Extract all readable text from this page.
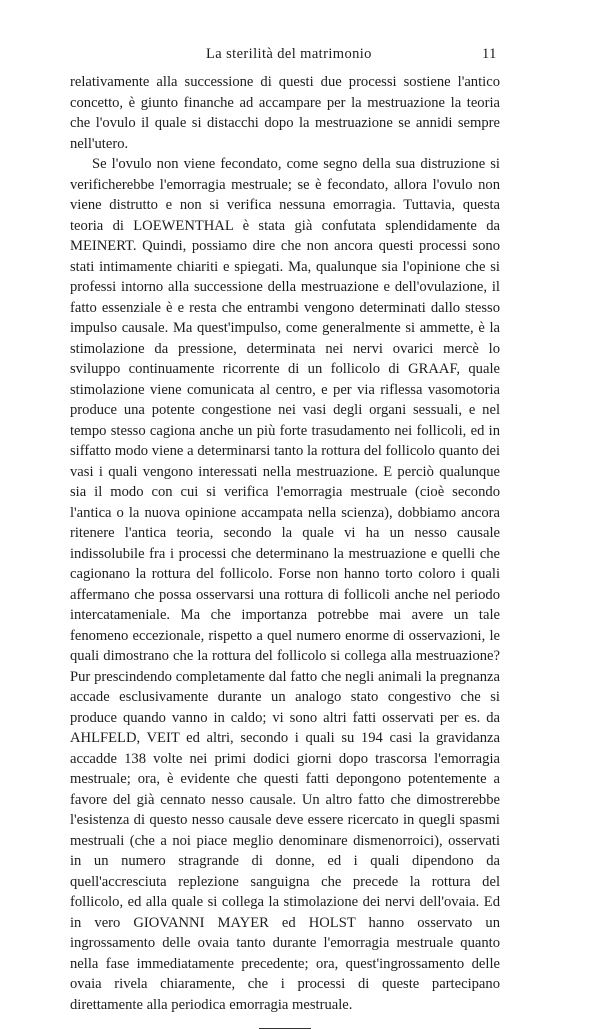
La sterilità del matrimonio	11

relativamente alla successione di questi due processi sostiene l'antico concetto, è giunto finanche ad accampare per la mestruazione la teoria che l'ovulo il quale si distacchi dopo la mestruazione se annidi sempre nell'utero.

Se l'ovulo non viene fecondato, come segno della sua distruzione si verificherebbe l'emorragia mestruale; se è fecondato, allora l'ovulo non viene distrutto e non si verifica nessuna emorragia. Tuttavia, questa teoria di LOEWENTHAL è stata già confutata splendidamente da MEINERT. Quindi, possiamo dire che non ancora questi processi sono stati intimamente chiariti e spiegati. Ma, qualunque sia l'opinione che si professi intorno alla successione della mestruazione e dell'ovulazione, il fatto essenziale è e resta che entrambi vengono determinati dallo stesso impulso causale. Ma quest'impulso, come generalmente si ammette, è la stimolazione da pressione, determinata nei nervi ovarici mercè lo sviluppo continuamente ricorrente di un follicolo di GRAAF, quale stimolazione viene comunicata al centro, e per via riflessa vasomotoria produce una potente congestione nei vasi degli organi sessuali, e nel tempo stesso cagiona anche un più forte trasudamento nei follicoli, ed in siffatto modo viene a determinarsi tanto la rottura del follicolo quanto dei vasi i quali vengono interessati nella mestruazione. E perciò qualunque sia il modo con cui si verifica l'emorragia mestruale (cioè secondo l'antica o la nuova opinione accampata nella scienza), dobbiamo ancora ritenere l'antica teoria, secondo la quale vi ha un nesso causale indissolubile fra i processi che determinano la mestruazione e quelli che cagionano la rottura del follicolo. Forse non hanno torto coloro i quali affermano che possa osservarsi una rottura di follicoli anche nel periodo intercatameniale. Ma che importanza potrebbe mai avere un tale fenomeno eccezionale, rispetto a quel numero enorme di osservazioni, le quali dimostrano che la rottura del follicolo si collega alla mestruazione? Pur prescindendo completamente dal fatto che negli animali la pregnanza accade esclusivamente durante un analogo stato congestivo che si produce quando vanno in caldo; vi sono altri fatti osservati per es. da AHLFELD, VEIT ed altri, secondo i quali su 194 casi la gravidanza accadde 138 volte nei primi dodici giorni dopo trascorsa l'emorragia mestruale; ora, è evidente che questi fatti depongono potentemente a favore del già cennato nesso causale. Un altro fatto che dimostrerebbe l'esistenza di questo nesso causale deve essere ricercato in quegli spasmi mestruali (che a noi piace meglio denominare dismenorroici), osservati in un numero stragrande di donne, ed i quali dipendono da quell'accresciuta replezione sanguigna che precede la rottura del follicolo, ed alla quale si collega la stimolazione dei nervi dell'ovaia. Ed in vero GIOVANNI MAYER ed HOLST hanno osservato un ingrossamento delle ovaia tanto durante l'emorragia mestruale quanto nella fase immediatamente precedente; ora, quest'ingrossamento delle ovaia rivela chiaramente, che i processi di queste partecipano direttamente alla periodica emorragia mestruale.
